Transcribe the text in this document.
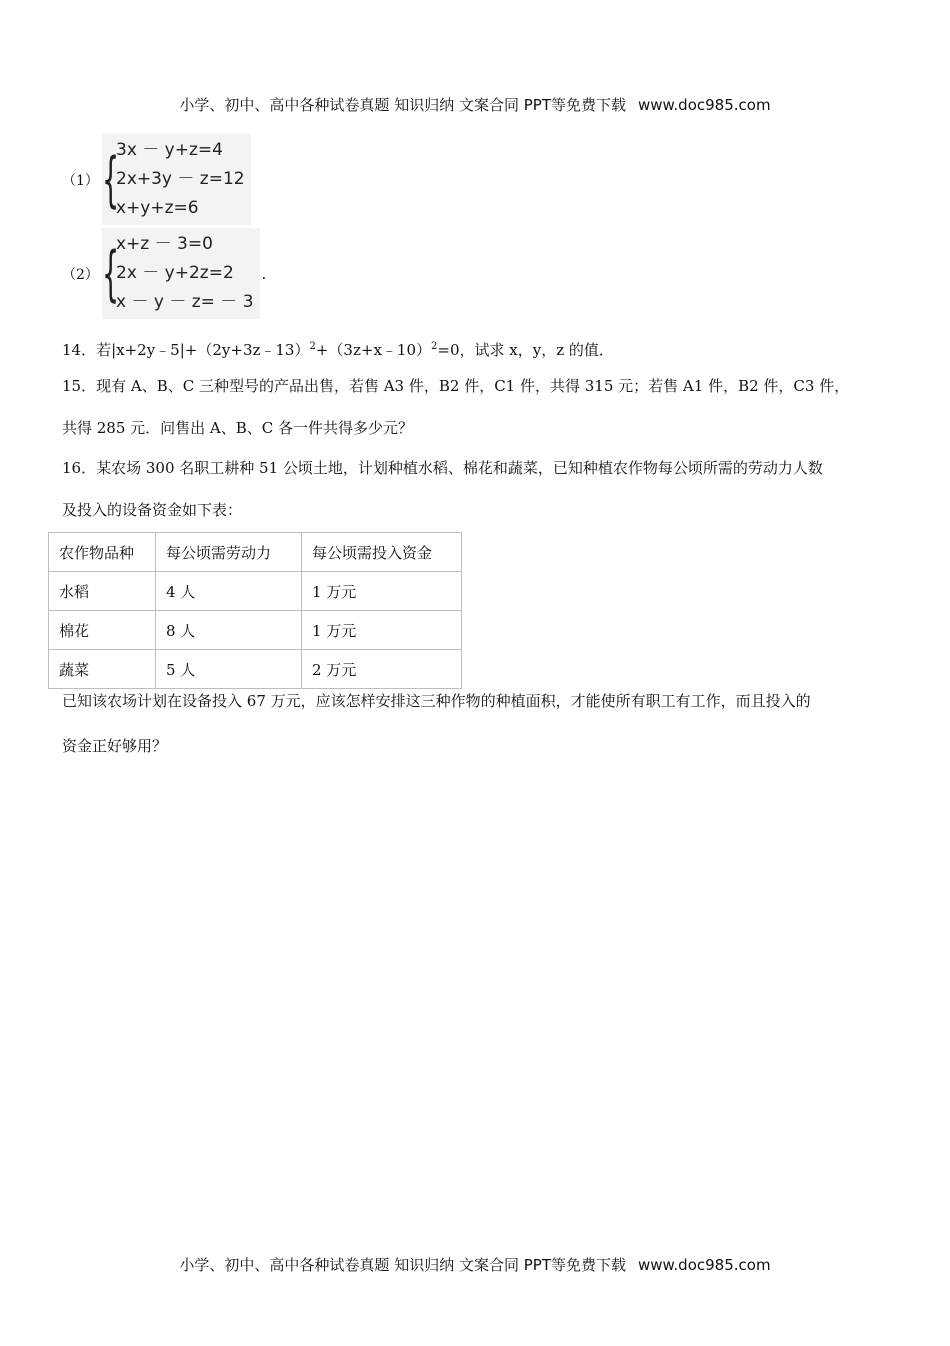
小学、初中、高中各种试卷真题 知识归纳 文案合同 PPT等免费下载 www.doc985.com
（1） {
3x － y+z=4
2x+3y － z=12
x+y+z=6
（2） {
x+z － 3=0
2x － y+2z=2
x － y － z= － 3
.
14．若|x+2y﹣5|+（2y+3z﹣13）$^2$+（3z+x﹣10）$^2$=0，试求 x，y，z 的值．
15．现有 A、B、C 三种型号的产品出售，若售 A3 件，B2 件，C1 件，共得 315 元；若售 A1 件，B2 件，C3 件，
共得 285 元．问售出 A、B、C 各一件共得多少元？
16．某农场 300 名职工耕种 51 公顷土地，计划种植水稻、棉花和蔬菜，已知种植农作物每公顷所需的劳动力人数
及投入的设备资金如下表：
农作物品种	每公顷需劳动力	每公顷需投入资金
水稻	4 人	1 万元
棉花	8 人	1 万元
蔬菜	5 人	2 万元
已知该农场计划在设备投入 67 万元，应该怎样安排这三种作物的种植面积，才能使所有职工有工作，而且投入的
资金正好够用？
小学、初中、高中各种试卷真题 知识归纳 文案合同 PPT等免费下载 www.doc985.com
